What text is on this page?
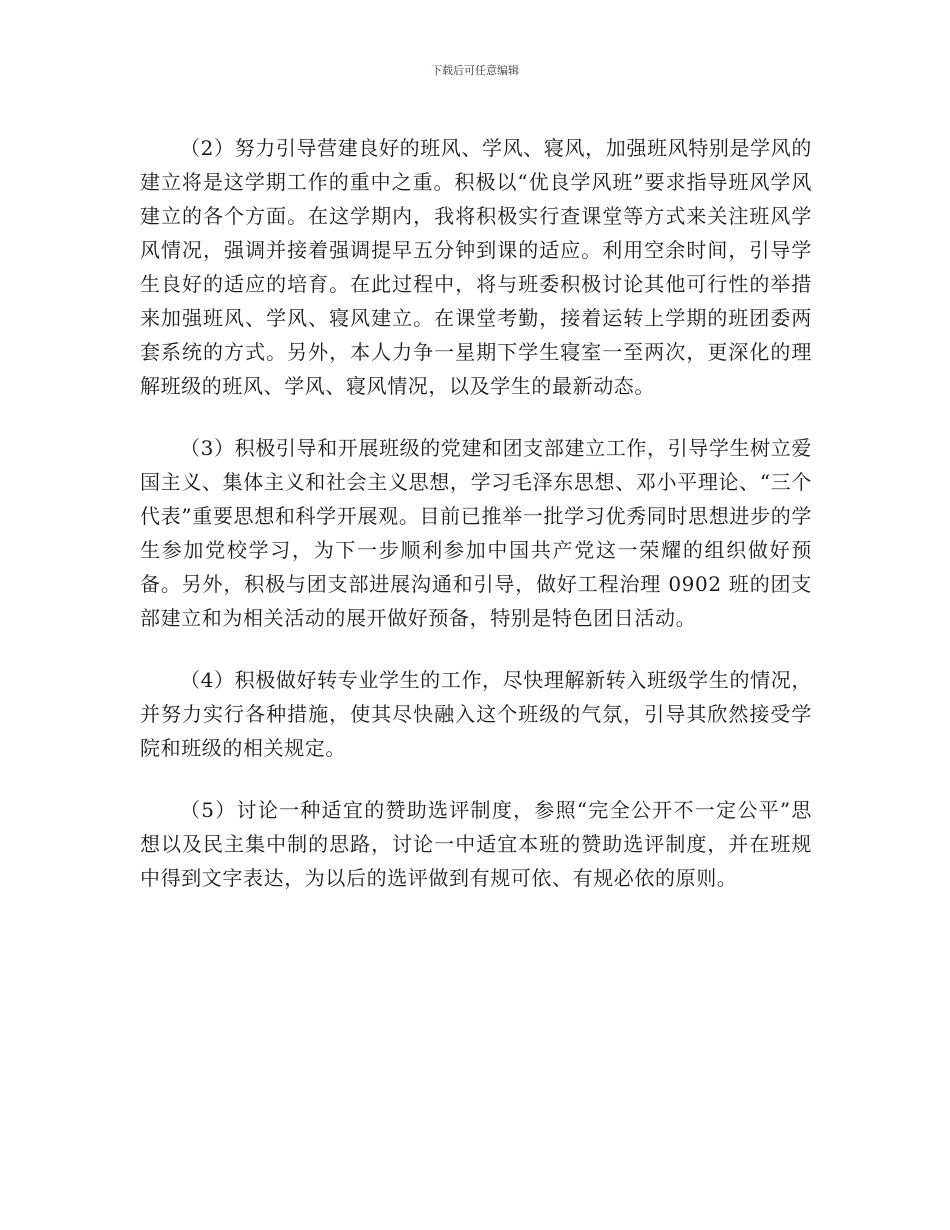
下载后可任意编辑

（2）努力引导营建良好的班风、学风、寝风，加强班风特别是学风的建立将是这学期工作的重中之重。积极以“优良学风班”要求指导班风学风建立的各个方面。在这学期内，我将积极实行查课堂等方式来关注班风学风情况，强调并接着强调提早五分钟到课的适应。利用空余时间，引导学生良好的适应的培育。在此过程中，将与班委积极讨论其他可行性的举措来加强班风、学风、寝风建立。在课堂考勤，接着运转上学期的班团委两套系统的方式。另外，本人力争一星期下学生寝室一至两次，更深化的理解班级的班风、学风、寝风情况，以及学生的最新动态。

（3）积极引导和开展班级的党建和团支部建立工作，引导学生树立爱国主义、集体主义和社会主义思想，学习毛泽东思想、邓小平理论、“三个代表”重要思想和科学开展观。目前已推举一批学习优秀同时思想进步的学生参加党校学习，为下一步顺利参加中国共产党这一荣耀的组织做好预备。另外，积极与团支部进展沟通和引导，做好工程治理 0902 班的团支部建立和为相关活动的展开做好预备，特别是特色团日活动。

（4）积极做好转专业学生的工作，尽快理解新转入班级学生的情况，并努力实行各种措施，使其尽快融入这个班级的气氛，引导其欣然接受学院和班级的相关规定。

（5）讨论一种适宜的赞助选评制度，参照“完全公开不一定公平”思想以及民主集中制的思路，讨论一中适宜本班的赞助选评制度，并在班规中得到文字表达，为以后的选评做到有规可依、有规必依的原则。
